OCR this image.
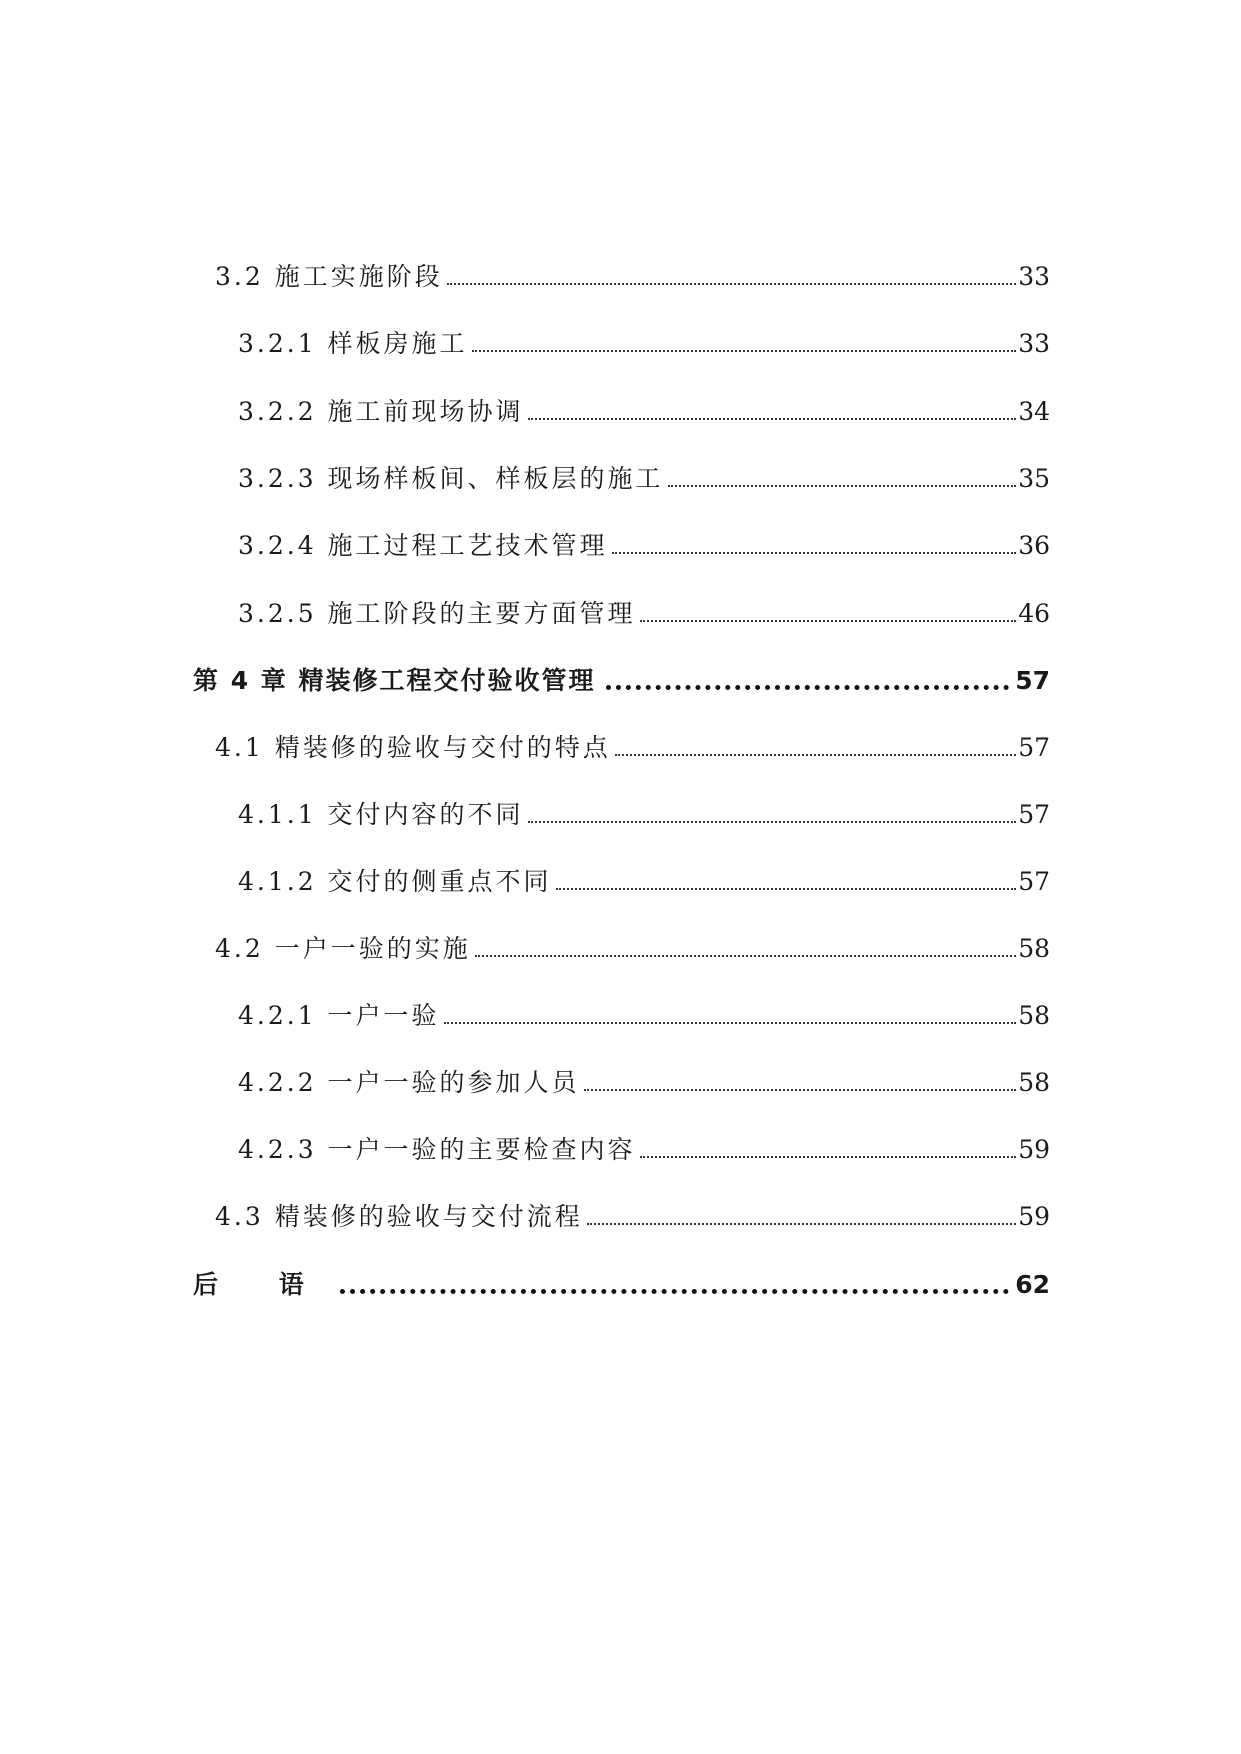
3.2 施工实施阶段	33
3.2.1 样板房施工	33
3.2.2 施工前现场协调	34
3.2.3 现场样板间、样板层的施工	35
3.2.4 施工过程工艺技术管理	36
3.2.5 施工阶段的主要方面管理	46
第 4 章 精装修工程交付验收管理	57
4.1 精装修的验收与交付的特点	57
4.1.1 交付内容的不同	57
4.1.2 交付的侧重点不同	57
4.2 一户一验的实施	58
4.2.1 一户一验	58
4.2.2 一户一验的参加人员	58
4.2.3 一户一验的主要检查内容	59
4.3 精装修的验收与交付流程	59
后 语	62
